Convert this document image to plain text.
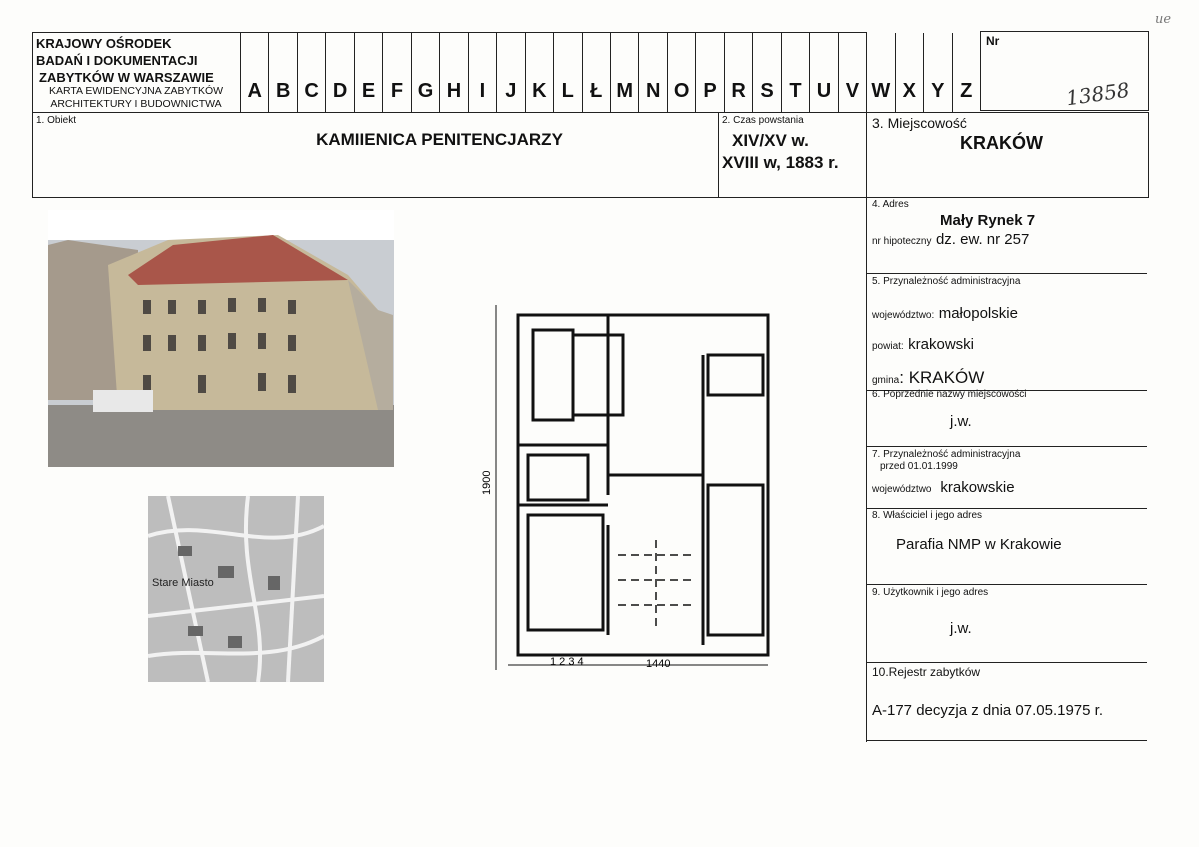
Nr
13858
ue
KRAJOWY OŚRODEK
BADAŃ I DOKUMENTACJI
ZABYTKÓW W WARSZAWIE
KARTA EWIDENCYJNA ZABYTKÓW
ARCHITEKTURY I BUDOWNICTWA
A B C D E F G H I	J K L Ł M N O P R S T U V W X Y Z
1. Obiekt
KAMIIENICA PENITENCJARZY
2. Czas powstania
XIV/XV w.
XVIII w, 1883 r.
3. Miejscowość
KRAKÓW
4. Adres
Mały Rynek 7
nr hipoteczny dz. ew. nr 257
5. Przynależność administracyjna
województwo: małopolskie
powiat: krakowski
gmina: KRAKÓW
6. Poprzednie nazwy miejscowości
j.w.
7. Przynależność administracyjna
przed 01.01.1999
województwo krakowskie
8. Właściciel i jego adres
Parafia NMP w Krakowie
9. Użytkownik i jego adres
j.w.
10.Rejestr zabytków
A-177 decyzja z dnia 07.05.1975 r.
Stare Miasto
1900
1440
1 2 3 4
